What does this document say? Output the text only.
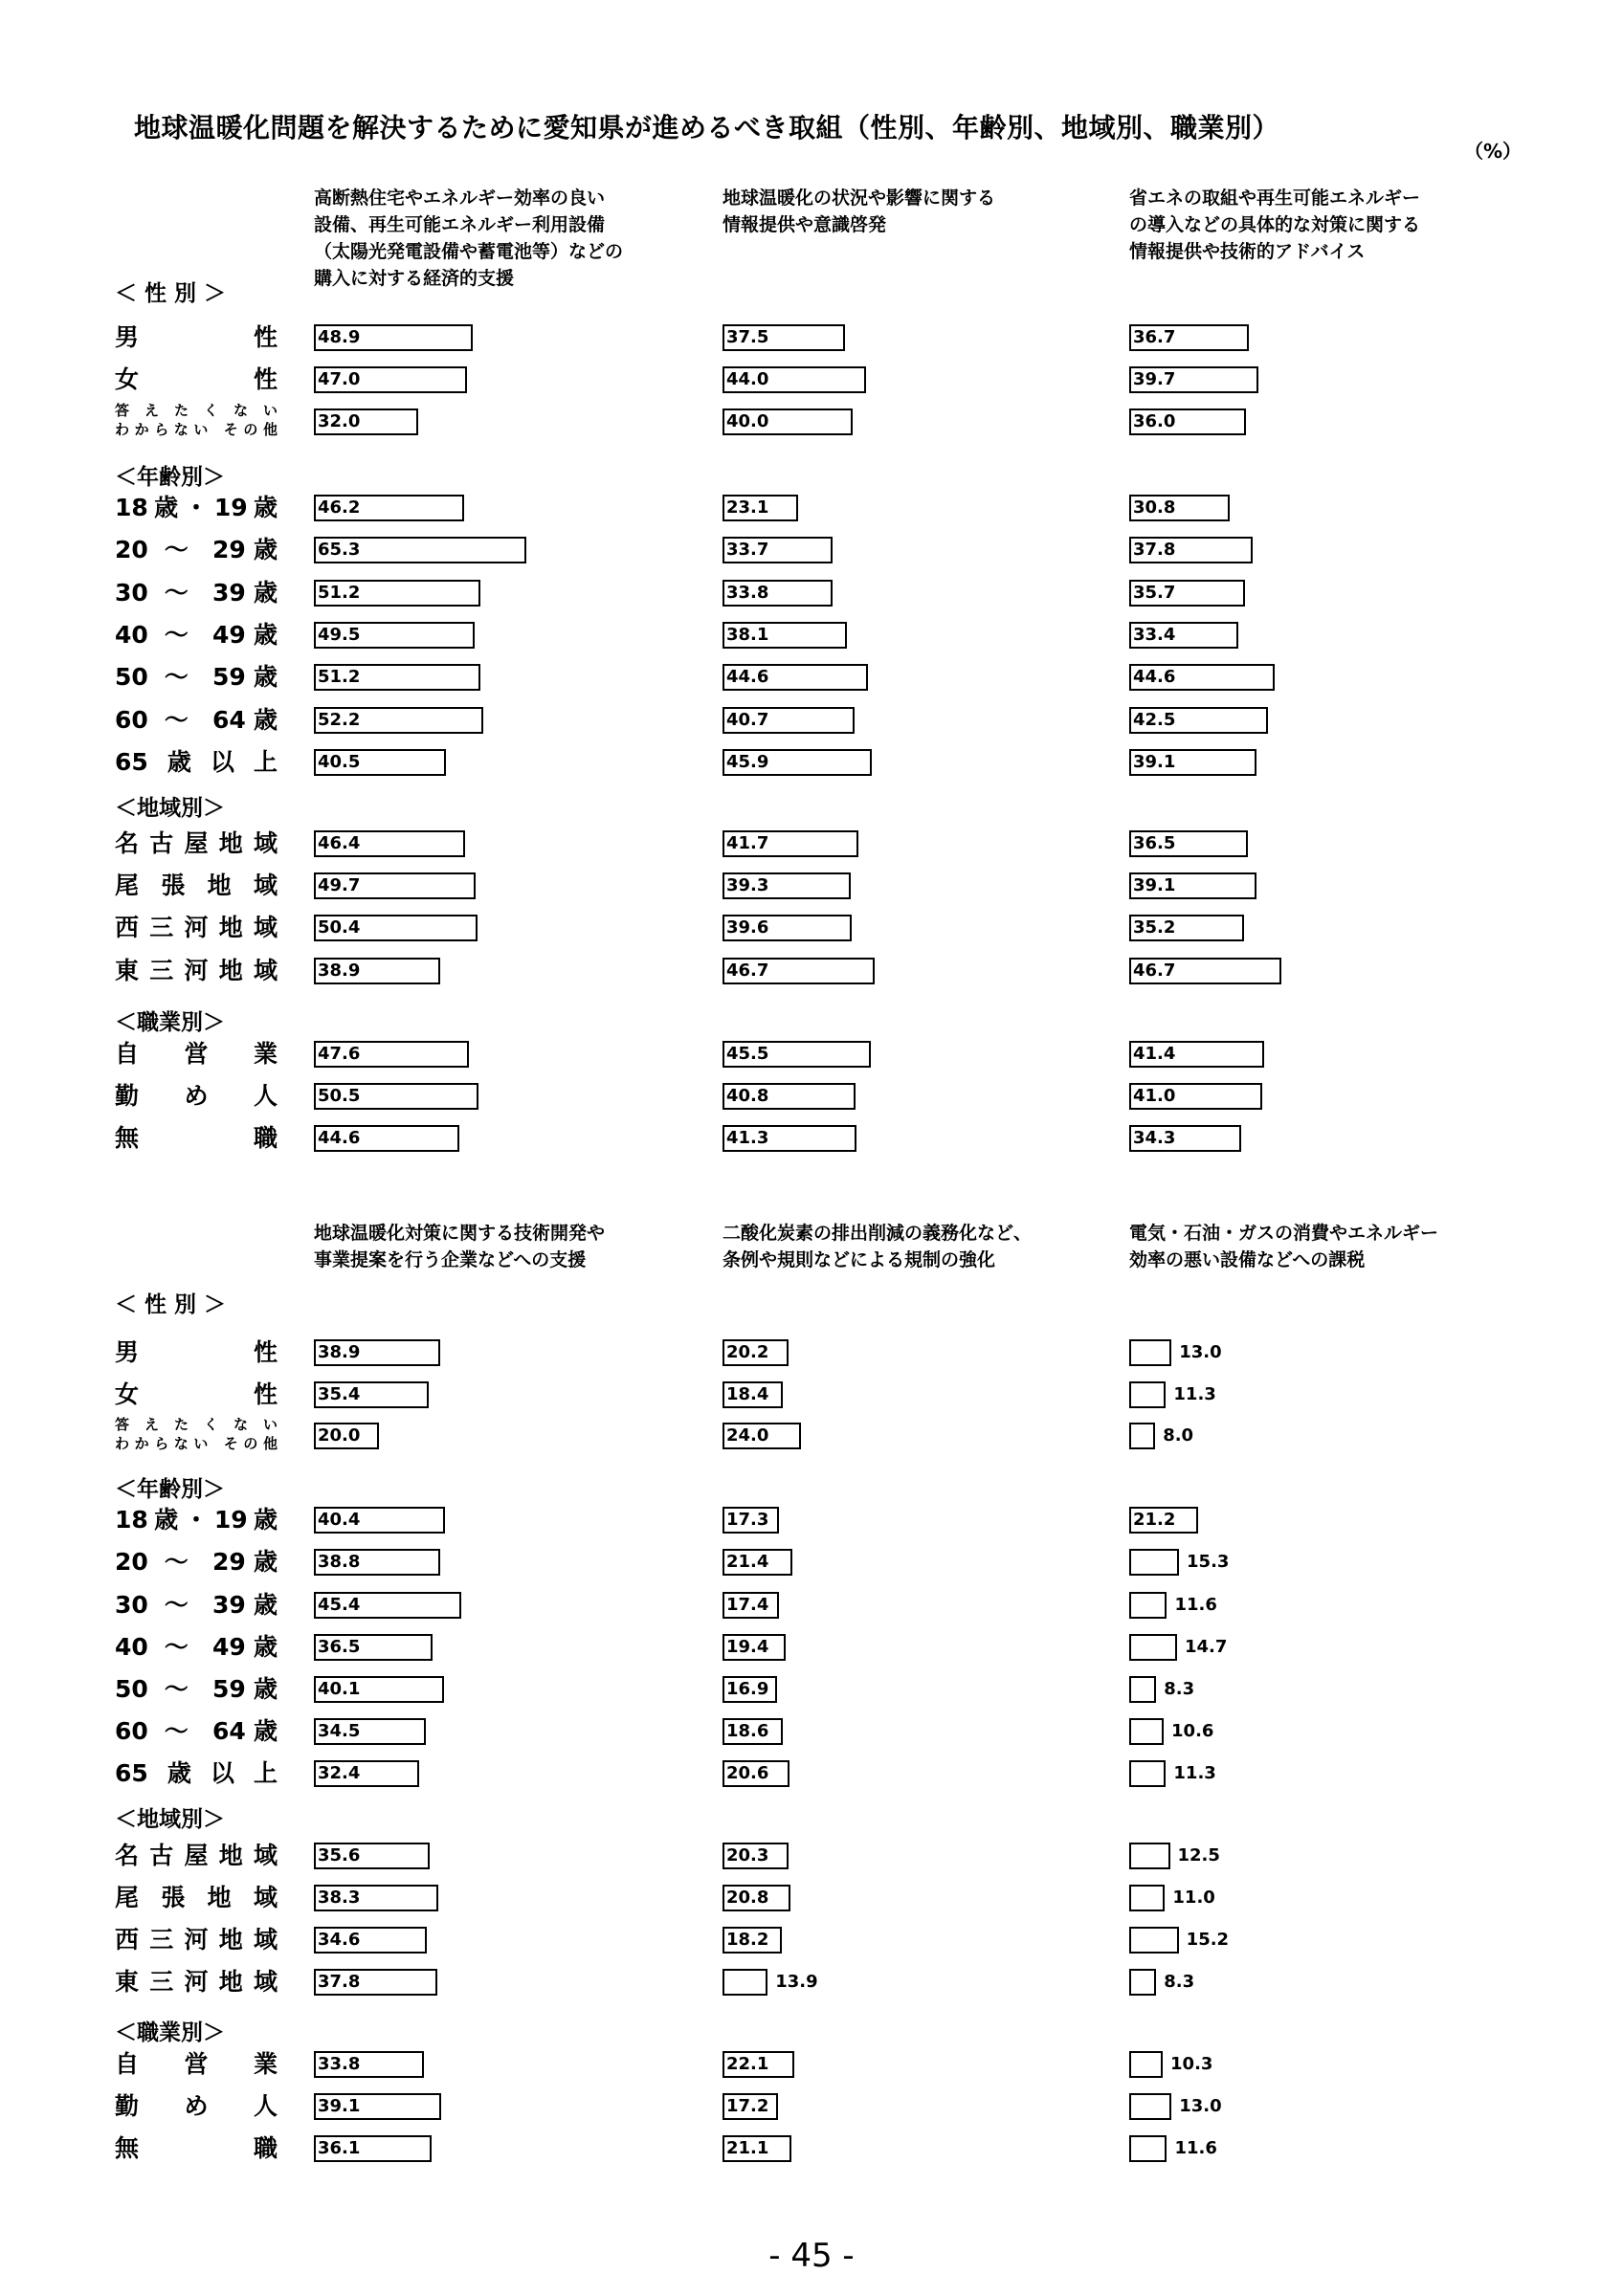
地球温暖化問題を解決するために愛知県が進めるべき取組（性別、年齢別、地域別、職業別）
（%）
- 45 -
＜ 性 別 ＞
＜年齢別＞
＜地域別＞
＜職業別＞
男性
女性
答えたくない
わからない その他
18歳・19歳
20 ～ 29歳
30 ～ 39歳
40 ～ 49歳
50 ～ 59歳
60 ～ 64歳
65歳以上
名古屋地域
尾張地域
西三河地域
東三河地域
自営業
勤め人
無職
高断熱住宅やエネルギー効率の良い
設備、再生可能エネルギー利用設備
（太陽光発電設備や蓄電池等）などの
購入に対する経済的支援
48.9
47.0
32.0
46.2
65.3
51.2
49.5
51.2
52.2
40.5
46.4
49.7
50.4
38.9
47.6
50.5
44.6
地球温暖化の状況や影響に関する
情報提供や意識啓発
37.5
44.0
40.0
23.1
33.7
33.8
38.1
44.6
40.7
45.9
41.7
39.3
39.6
46.7
45.5
40.8
41.3
省エネの取組や再生可能エネルギー
の導入などの具体的な対策に関する
情報提供や技術的アドバイス
36.7
39.7
36.0
30.8
37.8
35.7
33.4
44.6
42.5
39.1
36.5
39.1
35.2
46.7
41.4
41.0
34.3
＜ 性 別 ＞
＜年齢別＞
＜地域別＞
＜職業別＞
男性
女性
答えたくない
わからない その他
18歳・19歳
20 ～ 29歳
30 ～ 39歳
40 ～ 49歳
50 ～ 59歳
60 ～ 64歳
65歳以上
名古屋地域
尾張地域
西三河地域
東三河地域
自営業
勤め人
無職
地球温暖化対策に関する技術開発や
事業提案を行う企業などへの支援
38.9
35.4
20.0
40.4
38.8
45.4
36.5
40.1
34.5
32.4
35.6
38.3
34.6
37.8
33.8
39.1
36.1
二酸化炭素の排出削減の義務化など、
条例や規則などによる規制の強化
20.2
18.4
24.0
17.3
21.4
17.4
19.4
16.9
18.6
20.6
20.3
20.8
18.2
13.9
22.1
17.2
21.1
電気・石油・ガスの消費やエネルギー
効率の悪い設備などへの課税
13.0
11.3
8.0
21.2
15.3
11.6
14.7
8.3
10.6
11.3
12.5
11.0
15.2
8.3
10.3
13.0
11.6
